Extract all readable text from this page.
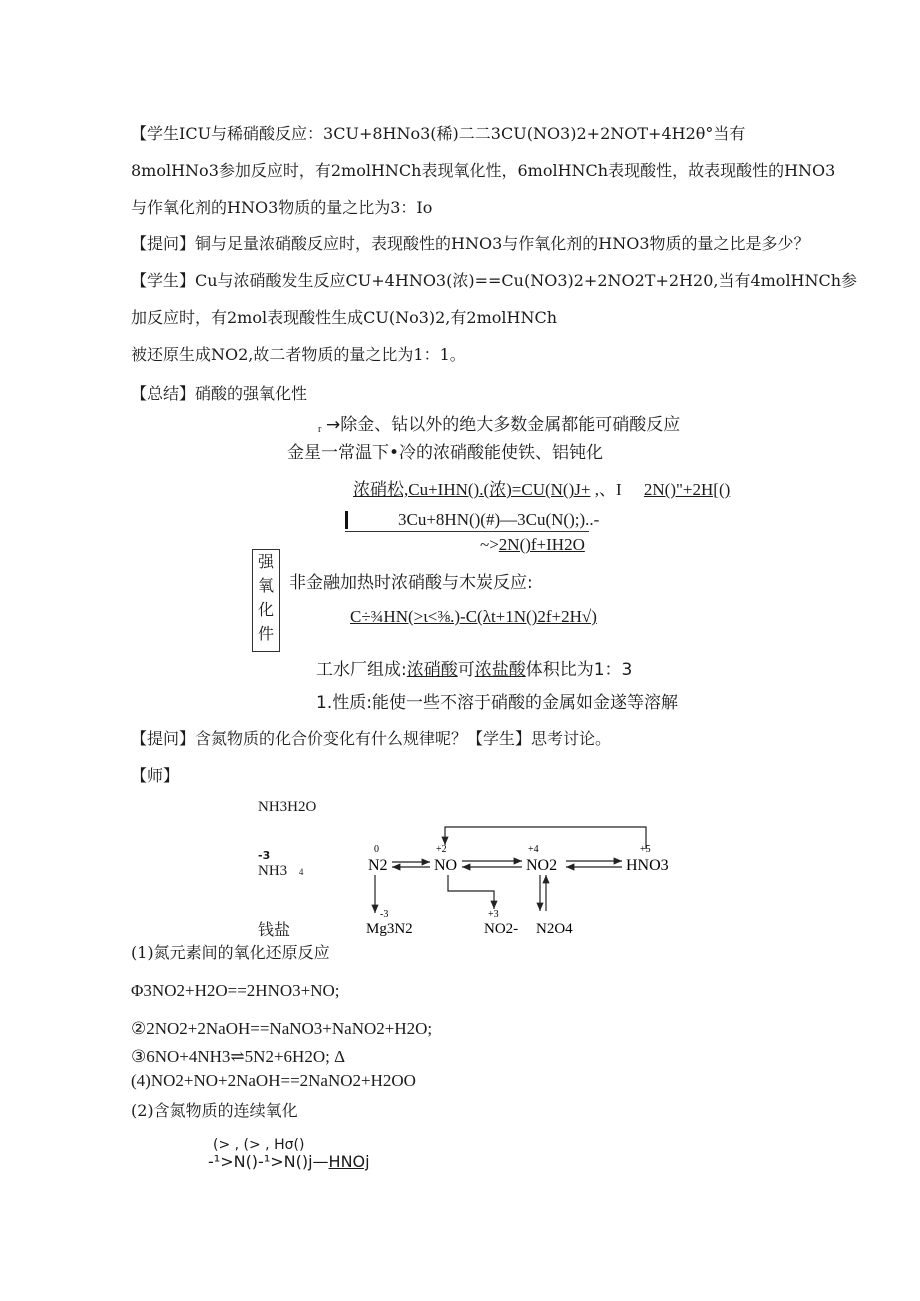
【学生ICU与稀硝酸反应：3CU+8HNo3(稀)二二3CU(NO3)2+2NOT+4H2θ°当有
8molHNo3参加反应时，有2molHNCh表现氧化性，6molHNCh表现酸性，故表现酸性的HNO3
与作氧化剂的HNO3物质的量之比为3：Io
【提问】铜与足量浓硝酸反应时，表现酸性的HNO3与作氧化剂的HNO3物质的量之比是多少？
【学生】Cu与浓硝酸发生反应CU+4HNO3(浓)==Cu(NO3)2+2NO2T+2H20,当有4molHNCh参
加反应时，有2mol表现酸性生成CU(No3)2,有2molHNCh
被还原生成NO2,故二者物质的量之比为1：1。
【总结】硝酸的强氧化性
r →除金、钻以外的绝大多数金属都能可硝酸反应
金星一常温下•冷的浓硝酸能使铁、铝钝化
浓硝松,Cu+IHN().(浓)=CU(N()J+ ,、I 2N()"+2H[()
3Cu+8HN()(#)—3Cu(N();)..-
~>2N()f+IH2O
强
氧
化
件
非金融加热时浓硝酸与木炭反应:
C÷¾HN(>ι<⅜.)-C(λt+1N()2f+2H√)
工水厂组成:浓硝酸可浓盐酸体积比为1：3
1.性质:能使一些不溶于硝酸的金属如金遂等溶解
【提问】含氮物质的化合价变化有什么规律呢？【学生】思考讨论。
【师】
NH3H2O
-3
NH3 4
钱盐
0	+2	+4	+5
N2	NO	NO2	HNO3
-3
Mg3N2
+3
NO2- N2O4
(1)氮元素间的氧化还原反应
Φ3NO2+H2O==2HNO3+NO;
②2NO2+2NaOH==NaNO3+NaNO2+H2O;
③6NO+4NH3⇌5N2+6H2O; Δ
(4)NO2+NO+2NaOH==2NaNO2+H2OO
(2)含氮物质的连续氧化
(> , (> , Hσ()
-¹>N()-¹>N()j—HNOj
